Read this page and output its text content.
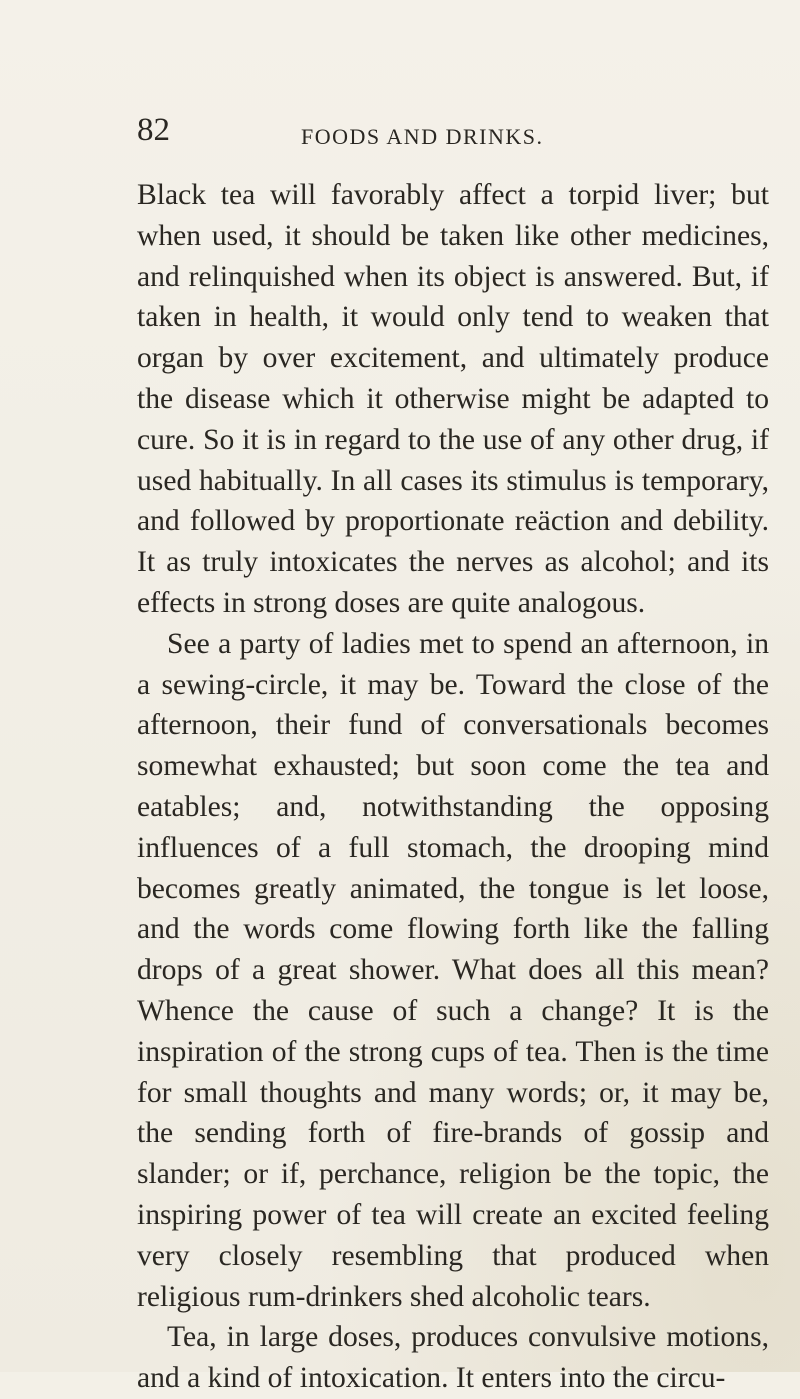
82	FOODS AND DRINKS.

Black tea will favorably affect a torpid liver; but when used, it should be taken like other medicines, and relinquished when its object is answered. But, if taken in health, it would only tend to weaken that organ by over excitement, and ultimately produce the disease which it otherwise might be adapted to cure. So it is in regard to the use of any other drug, if used habitually. In all cases its stimulus is temporary, and followed by proportionate reäction and debility. It as truly intoxicates the nerves as alcohol; and its effects in strong doses are quite analogous.

See a party of ladies met to spend an afternoon, in a sewing-circle, it may be. Toward the close of the afternoon, their fund of conversationals becomes somewhat exhausted; but soon come the tea and eatables; and, notwithstanding the opposing influences of a full stomach, the drooping mind becomes greatly animated, the tongue is let loose, and the words come flowing forth like the falling drops of a great shower. What does all this mean? Whence the cause of such a change? It is the inspiration of the strong cups of tea. Then is the time for small thoughts and many words; or, it may be, the sending forth of fire-brands of gossip and slander; or if, perchance, religion be the topic, the inspiring power of tea will create an excited feeling very closely resembling that produced when religious rum-drinkers shed alcoholic tears.

Tea, in large doses, produces convulsive motions, and a kind of intoxication. It enters into the circu-
